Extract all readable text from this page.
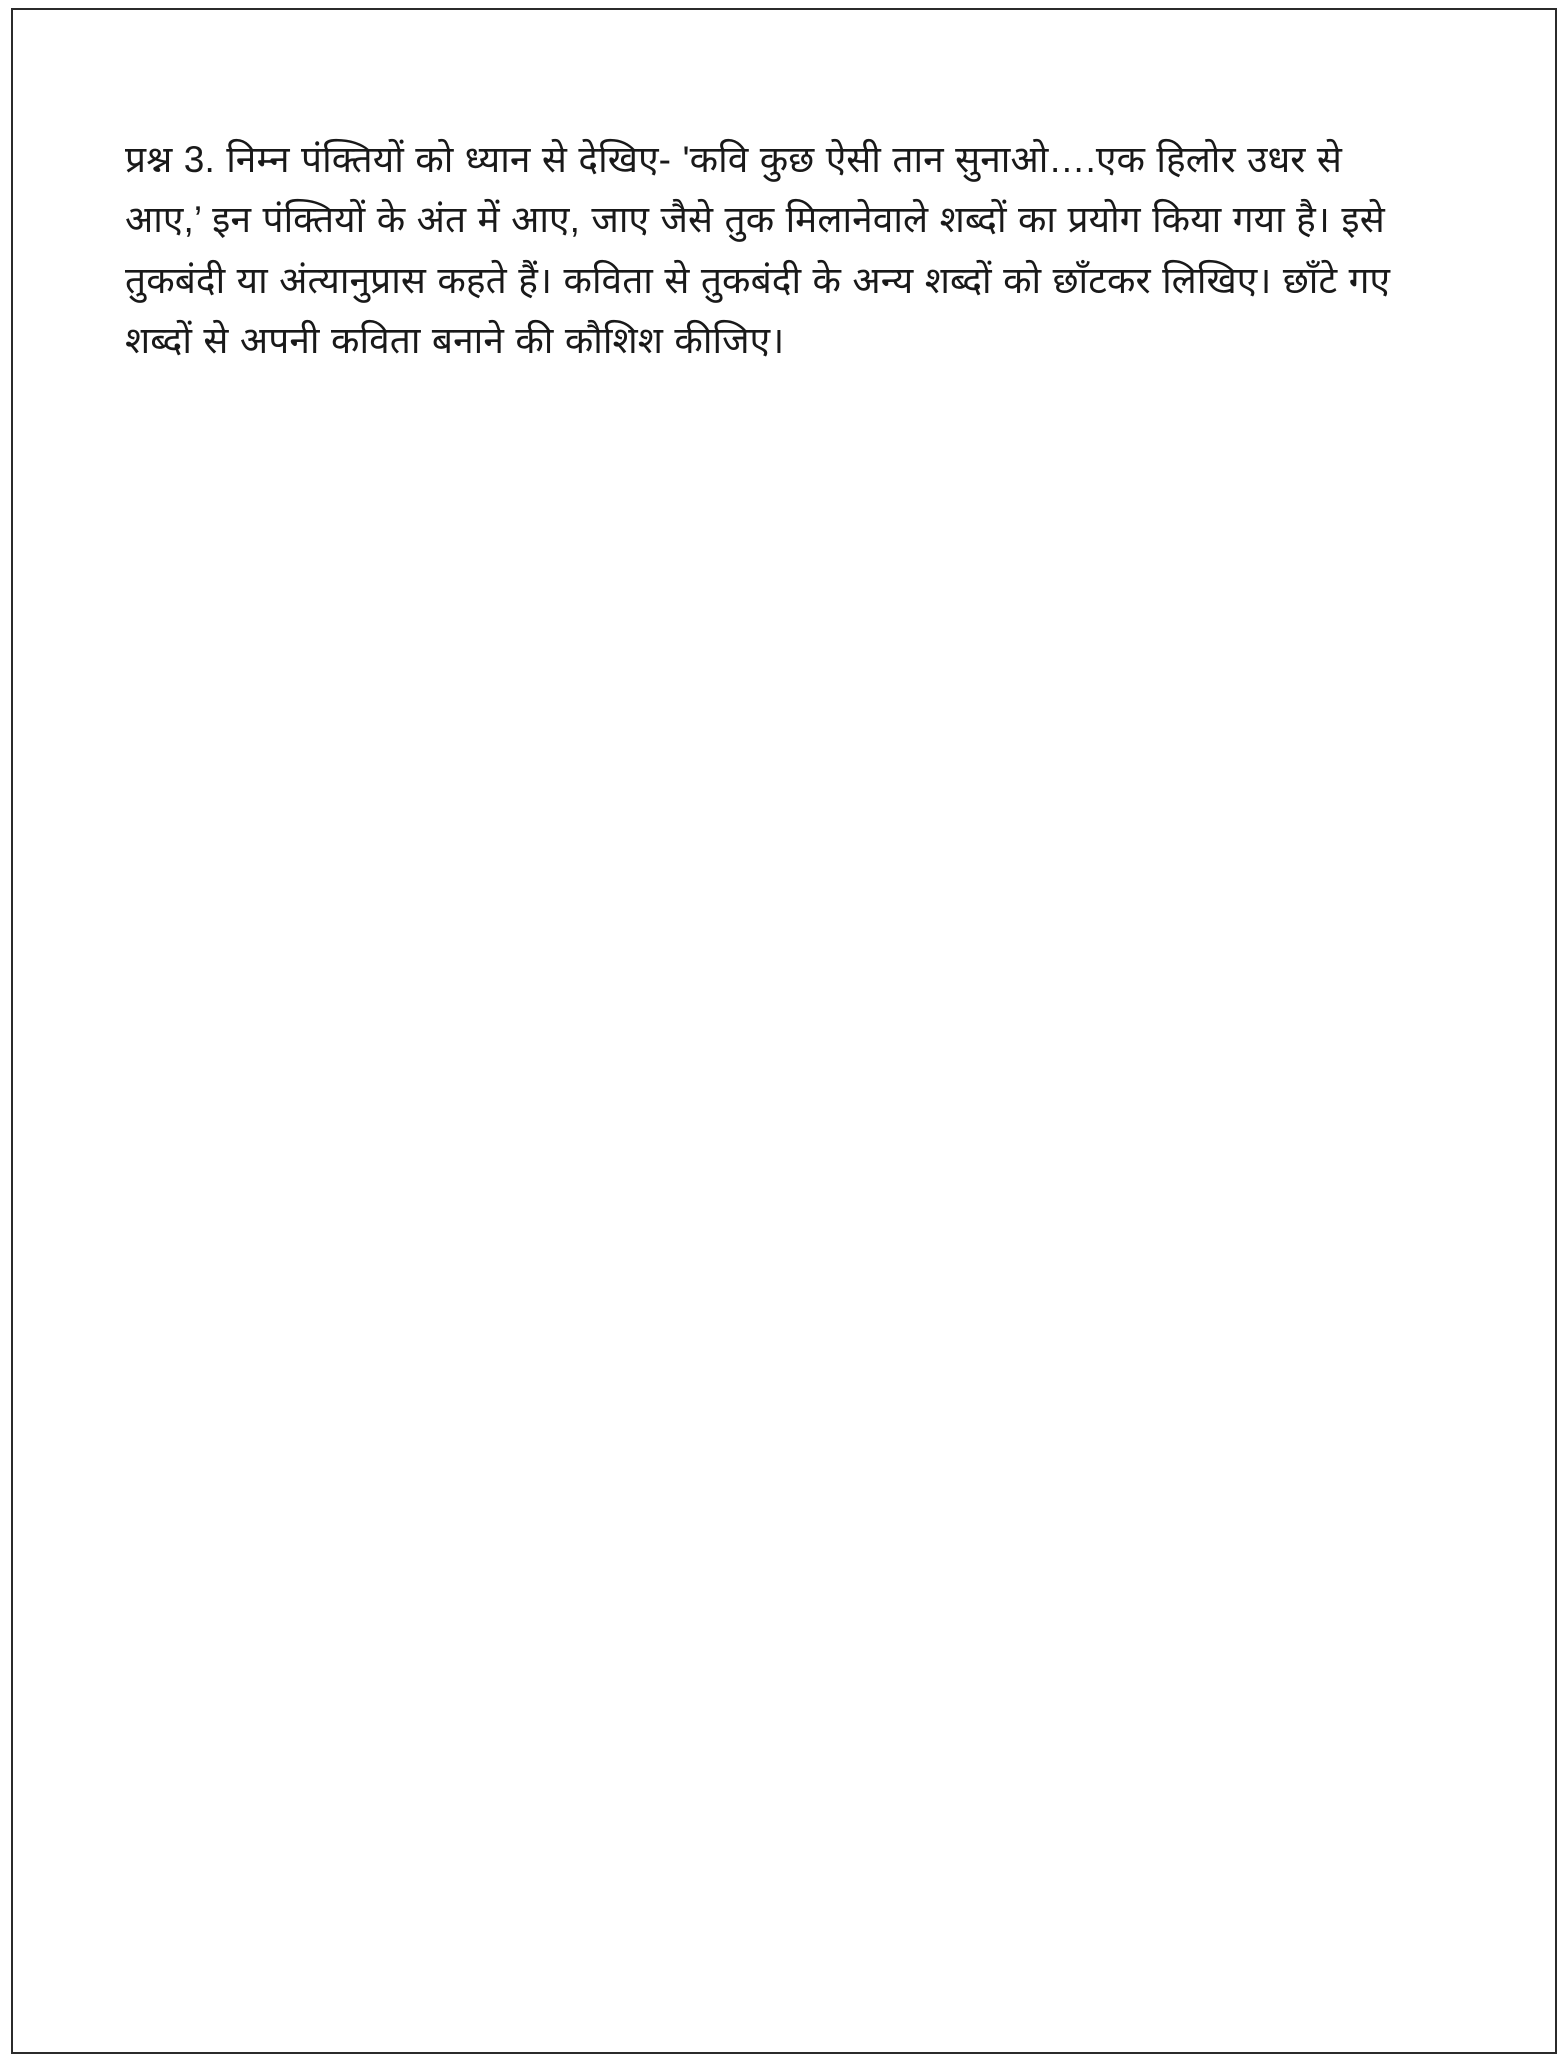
प्रश्न 3. निम्न पंक्तियों को ध्यान से देखिए- 'कवि कुछ ऐसी तान सुनाओ….एक हिलोर उधर से आए,’ इन पंक्तियों के अंत में आए, जाए जैसे तुक मिलानेवाले शब्दों का प्रयोग किया गया है। इसे तुकबंदी या अंत्यानुप्रास कहते हैं। कविता से तुकबंदी के अन्य शब्दों को छाँटकर लिखिए। छाँटे गए शब्दों से अपनी कविता बनाने की कौशिश कीजिए।
